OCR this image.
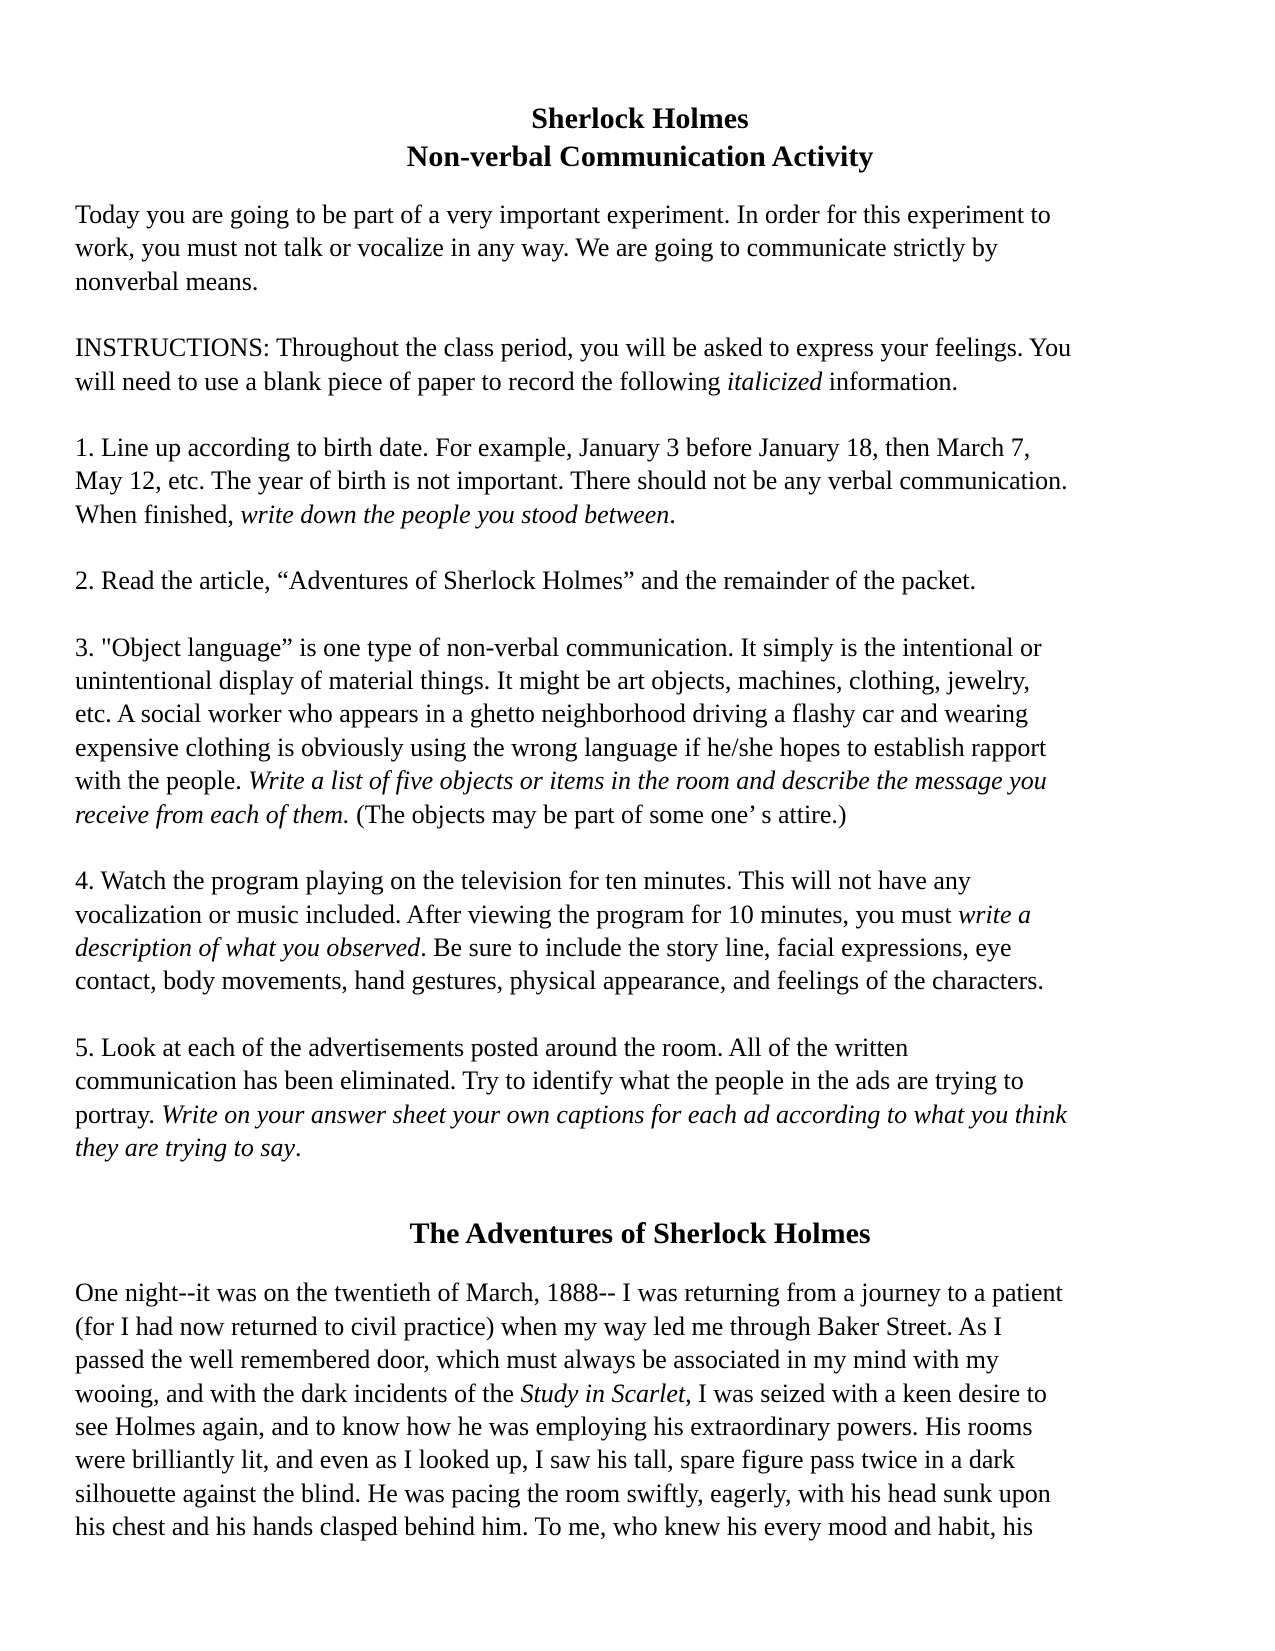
Sherlock Holmes
Non-verbal Communication Activity

Today you are going to be part of a very important experiment. In order for this experiment to
work, you must not talk or vocalize in any way. We are going to communicate strictly by
nonverbal means.

INSTRUCTIONS: Throughout the class period, you will be asked to express your feelings. You
will need to use a blank piece of paper to record the following italicized information.

1. Line up according to birth date. For example, January 3 before January 18, then March 7,
May 12, etc. The year of birth is not important. There should not be any verbal communication.
When finished, write down the people you stood between.

2. Read the article, “Adventures of Sherlock Holmes” and the remainder of the packet.

3. "Object language” is one type of non-verbal communication. It simply is the intentional or
unintentional display of material things. It might be art objects, machines, clothing, jewelry,
etc. A social worker who appears in a ghetto neighborhood driving a flashy car and wearing
expensive clothing is obviously using the wrong language if he/she hopes to establish rapport
with the people. Write a list of five objects or items in the room and describe the message you
receive from each of them. (The objects may be part of some one’ s attire.)

4. Watch the program playing on the television for ten minutes. This will not have any
vocalization or music included. After viewing the program for 10 minutes, you must write a
description of what you observed. Be sure to include the story line, facial expressions, eye
contact, body movements, hand gestures, physical appearance, and feelings of the characters.

5. Look at each of the advertisements posted around the room. All of the written
communication has been eliminated. Try to identify what the people in the ads are trying to
portray. Write on your answer sheet your own captions for each ad according to what you think
they are trying to say.

The Adventures of Sherlock Holmes

One night--it was on the twentieth of March, 1888-- I was returning from a journey to a patient
(for I had now returned to civil practice) when my way led me through Baker Street. As I
passed the well remembered door, which must always be associated in my mind with my
wooing, and with the dark incidents of the Study in Scarlet, I was seized with a keen desire to
see Holmes again, and to know how he was employing his extraordinary powers. His rooms
were brilliantly lit, and even as I looked up, I saw his tall, spare figure pass twice in a dark
silhouette against the blind. He was pacing the room swiftly, eagerly, with his head sunk upon
his chest and his hands clasped behind him. To me, who knew his every mood and habit, his
